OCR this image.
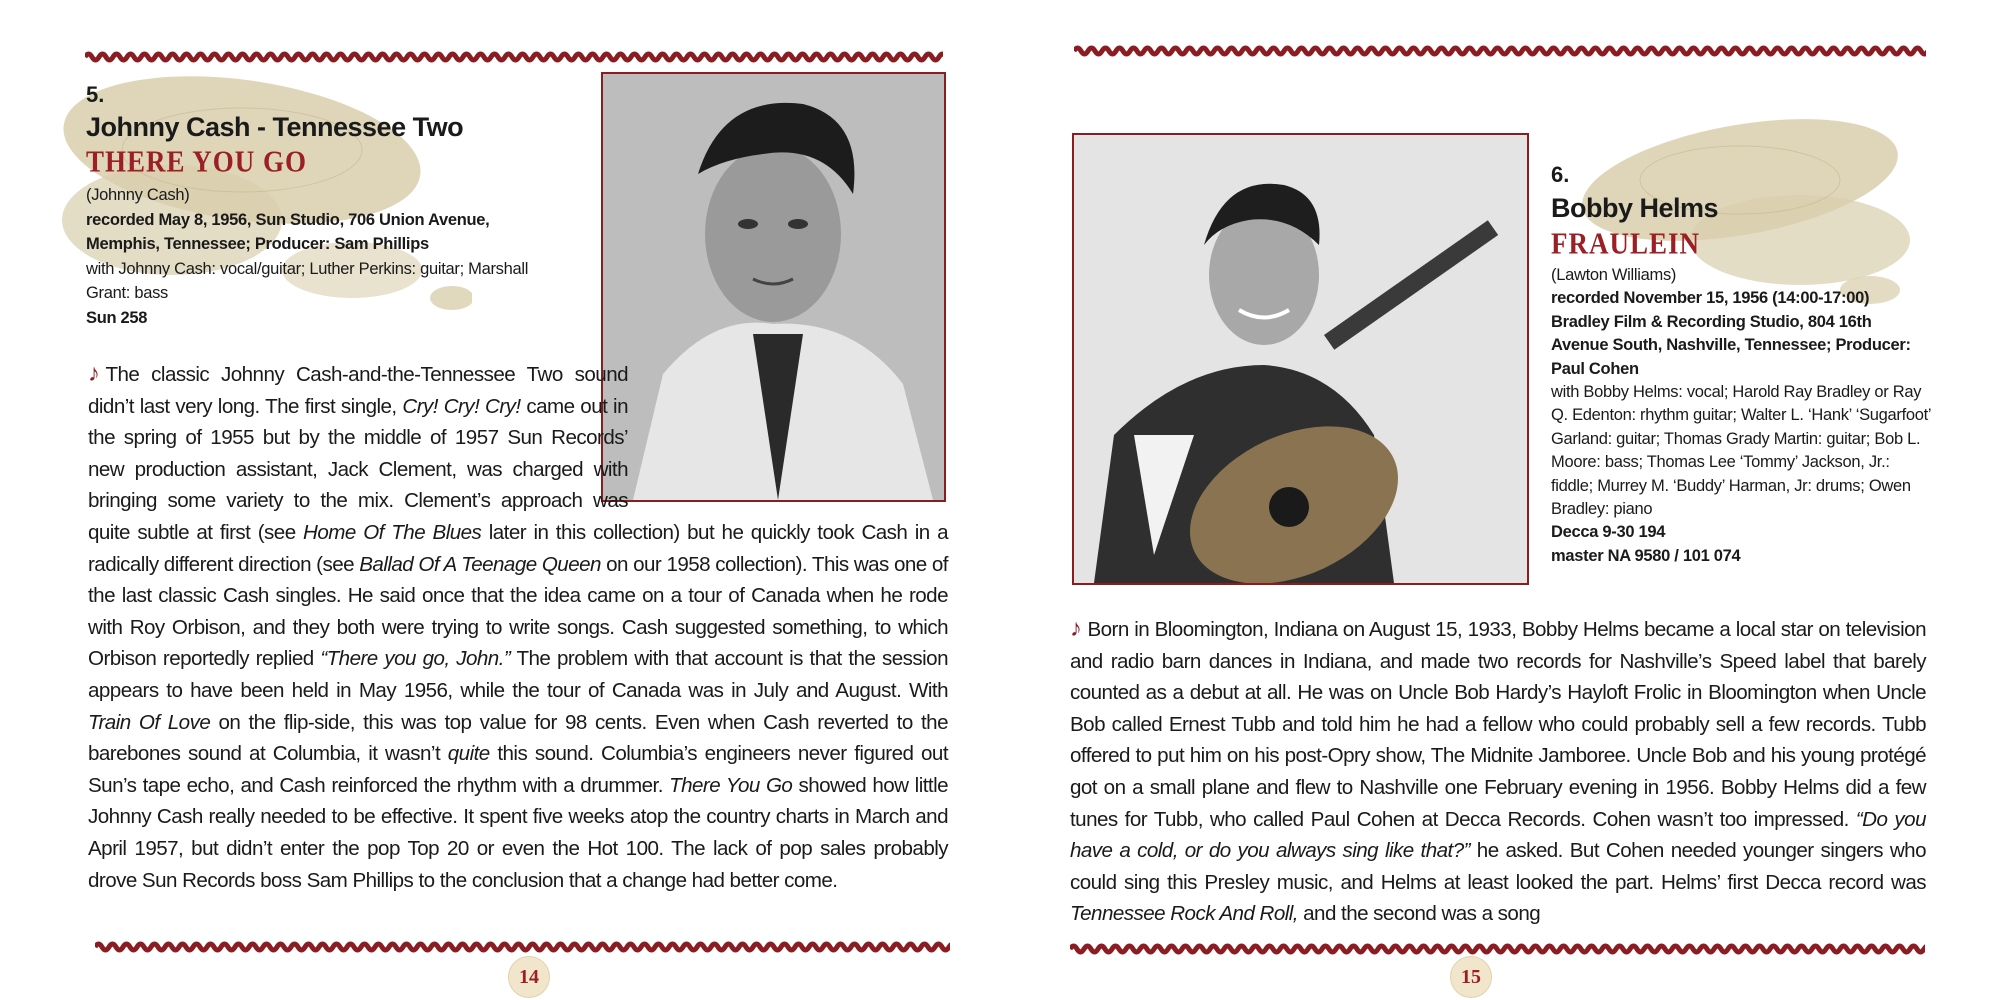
5.
Johnny Cash - Tennessee Two
THERE YOU GO
(Johnny Cash)
recorded May 8, 1956, Sun Studio, 706 Union Avenue, Memphis, Tennessee; Producer: Sam Phillips
with Johnny Cash: vocal/guitar; Luther Perkins: guitar; Marshall Grant: bass
Sun 258
♪ The classic Johnny Cash-and-the-Tennessee Two sound didn’t last very long. The first single, Cry! Cry! Cry! came out in the spring of 1955 but by the middle of 1957 Sun Records’ new production assistant, Jack Clement, was charged with bringing some variety to the mix. Clement’s approach was quite subtle at first (see Home Of The Blues later in this collection) but he quickly took Cash in a radically different direction (see Ballad Of A Teenage Queen on our 1958 collection). This was one of the last classic Cash singles. He said once that the idea came on a tour of Canada when he rode with Roy Orbison, and they both were trying to write songs. Cash suggested something, to which Orbison reportedly replied “There you go, John.” The problem with that account is that the session appears to have been held in May 1956, while the tour of Canada was in July and August. With Train Of Love on the flip-side, this was top value for 98 cents. Even when Cash reverted to the barebones sound at Columbia, it wasn’t quite this sound. Columbia’s engineers never figured out Sun’s tape echo, and Cash reinforced the rhythm with a drummer. There You Go showed how little Johnny Cash really needed to be effective. It spent five weeks atop the country charts in March and April 1957, but didn’t enter the pop Top 20 or even the Hot 100. The lack of pop sales probably drove Sun Records boss Sam Phillips to the conclusion that a change had better come.
14
6.
Bobby Helms
FRAULEIN
(Lawton Williams)
recorded November 15, 1956 (14:00-17:00) Bradley Film & Recording Studio, 804 16th Avenue South, Nashville, Tennessee; Producer: Paul Cohen
with Bobby Helms: vocal; Harold Ray Bradley or Ray Q. Edenton: rhythm guitar; Walter L. ‘Hank’ ‘Sugarfoot’ Garland: guitar; Thomas Grady Martin: guitar; Bob L. Moore: bass; Thomas Lee ‘Tommy’ Jackson, Jr.: fiddle; Murrey M. ‘Buddy’ Harman, Jr: drums; Owen Bradley: piano
Decca 9-30 194
master NA 9580 / 101 074
♪ Born in Bloomington, Indiana on August 15, 1933, Bobby Helms became a local star on television and radio barn dances in Indiana, and made two records for Nashville’s Speed label that barely counted as a debut at all. He was on Uncle Bob Hardy’s Hayloft Frolic in Bloomington when Uncle Bob called Ernest Tubb and told him he had a fellow who could probably sell a few records. Tubb offered to put him on his post-Opry show, The Midnite Jamboree. Uncle Bob and his young protégé got on a small plane and flew to Nashville one February evening in 1956. Bobby Helms did a few tunes for Tubb, who called Paul Cohen at Decca Records. Cohen wasn’t too impressed. “Do you have a cold, or do you always sing like that?” he asked. But Cohen needed younger singers who could sing this Presley music, and Helms at least looked the part. Helms’ first Decca record was Tennessee Rock And Roll, and the second was a song
15
